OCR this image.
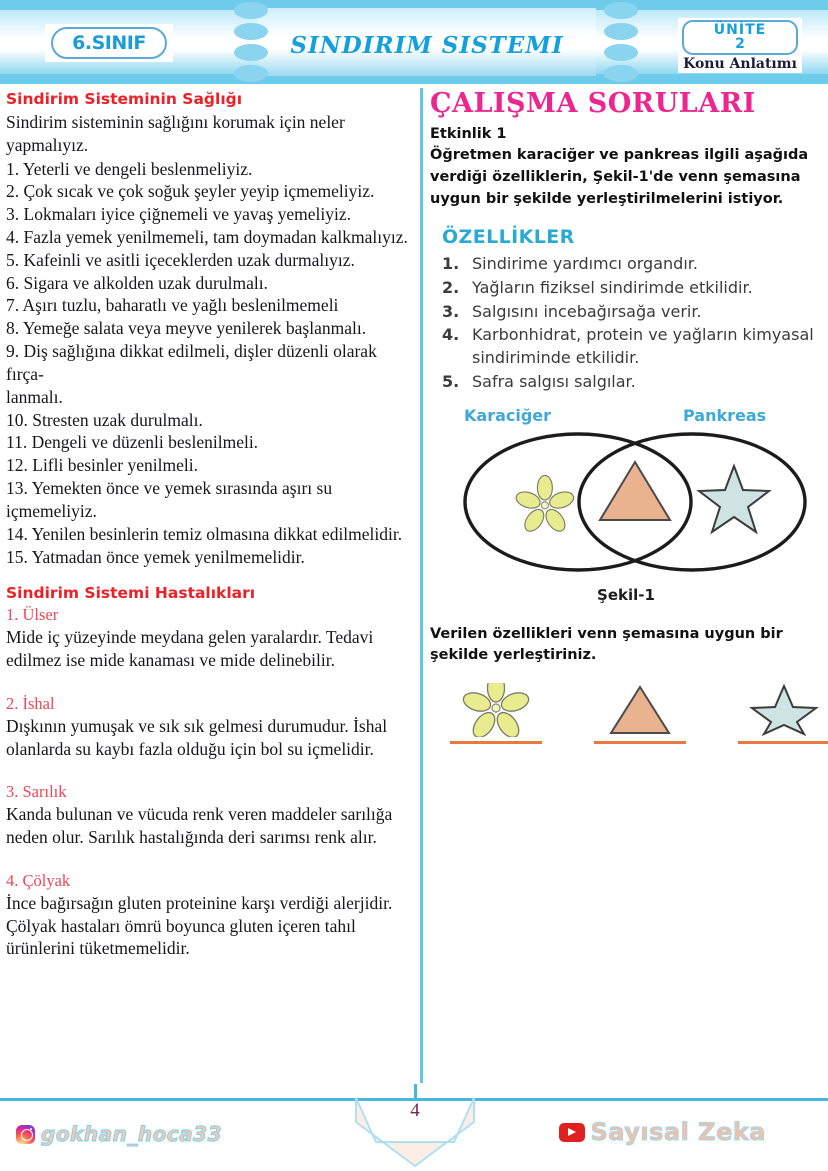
6.SINIF	SINDIRIM SISTEMI
ÜNİTE
2
Konu Anlatımı
Sindirim Sisteminin Sağlığı
Sindirim sisteminin sağlığını korumak için neler yapmalıyız.
1. Yeterli ve dengeli beslenmeliyiz.
2. Çok sıcak ve çok soğuk şeyler yeyip içmemeliyiz.
3. Lokmaları iyice çiğnemeli ve yavaş yemeliyiz.
4. Fazla yemek yenilmemeli, tam doymadan kalkmalıyız.
5. Kafeinli ve asitli içeceklerden uzak durmalıyız.
6. Sigara ve alkolden uzak durulmalı.
7. Aşırı tuzlu, baharatlı ve yağlı beslenilmemeli
8. Yemeğe salata veya meyve yenilerek başlanmalı.
9. Diş sağlığına dikkat edilmeli, dişler düzenli olarak fırça-
lanmalı.
10. Stresten uzak durulmalı.
11. Dengeli ve düzenli beslenilmeli.
12. Lifli besinler yenilmeli.
13. Yemekten önce ve yemek sırasında aşırı su içmemeliyiz.
14. Yenilen besinlerin temiz olmasına dikkat edilmelidir.
15. Yatmadan önce yemek yenilmemelidir.
Sindirim Sistemi Hastalıkları
1. Ülser
Mide iç yüzeyinde meydana gelen yaralardır. Tedavi edilmez ise mide kanaması ve mide delinebilir.
2. İshal
Dışkının yumuşak ve sık sık gelmesi durumudur. İshal olanlarda su kaybı fazla olduğu için bol su içmelidir.
3. Sarılık
Kanda bulunan ve vücuda renk veren maddeler sarılığa neden olur. Sarılık hastalığında deri sarımsı renk alır.
4. Çölyak
İnce bağırsağın gluten proteinine karşı verdiği alerjidir. Çölyak hastaları ömrü boyunca gluten içeren tahıl ürünlerini tüketmemelidir.
ÇALIŞMA SORULARI
Etkinlik 1
Öğretmen karaciğer ve pankreas ilgili aşağıda verdiği özelliklerin, Şekil-1'de venn şemasına uygun bir şekilde yerleştirilmelerini istiyor.
ÖZELLİKLER
1. Sindirime yardımcı organdır.
2. Yağların fiziksel sindirimde etkilidir.
3. Salgısını incebağırsağa verir.
4. Karbonhidrat, protein ve yağların kimyasal sindiriminde etkilidir.
5. Safra salgısı salgılar.
Karaciğer	Pankreas
Şekil-1
Verilen özellikleri venn şemasına uygun bir şekilde yerleştiriniz.
4
gokhan_hoca33	Sayısal Zeka
